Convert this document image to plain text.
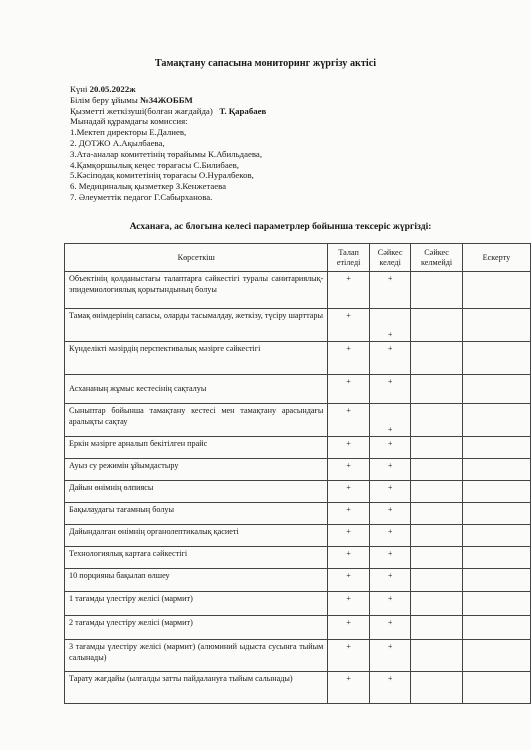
Тамақтану сапасына мониторинг жүргізу актісі
Күні 20.05.2022ж
Білім беру ұйымы №34ЖОББМ
Қызметті жеткізуші(болған жағдайда) Т. Қарабаев
Мынадай құрамдағы комиссия:
1.Мектеп директоры Е.Далиев,
2. ДОТЖО А.Ақылбаева,
3.Ата-аналар комитетінің төрайымы К.Абильдаева,
4.Қамқоршылық кеңес төрағасы С.Билибаев,
5.Кәсіподақ комитетінің төрағасы О.Нуралбеков,
6. Медициналық қызметкер З.Кенжетаева
7. Әлеуметтік педагог Г.Сабырханова.
Асханаға, ас блогына келесі параметрлер бойынша тексеріс жүргізді:
Көрсеткіш	Талап етіледі	Сәйкес келеді	Сәйкес келмейді	Ескерту
Объектінің қолданыстағы талаптарға сәйкестігі туралы санитариялық-эпидемиологиялық қорытындының болуы	+	+		
Тамақ өнімдерінің сапасы, оларды тасымалдау, жеткізу, түсіру шарттары	+	+		
Күнделікті мәзірдің перспективалық мәзірге сәйкестігі	+	+		
Асхананың жұмыс кестесінің сақталуы	+	+		
Сыныптар бойынша тамақтану кестесі мен тамақтану арасындағы аралықты сақтау	+	+		
Еркін мәзірге арналып бекітілген прайс	+	+		
Ауыз су режимін ұйымдастыру	+	+		
Дайын өнімнің өлпиясы	+	+		
Бақылаудағы тағамның болуы	+	+		
Дайындалған өнімнің органолептикалық қасиеті	+	+		
Технологиялық картаға сәйкестігі	+	+		
10 порцияны бақылап өлшеу	+	+		
1 тағамды үлестіру желісі (мармит)	+	+		
2 тағамды үлестіру желісі (мармит)	+	+		
3 тағамды үлестіру желісі (мармит) (алюминий ыдыста сусынға тыйым салынады)	+	+		
Тарату жағдайы (ылғалды затты пайдалануға тыйым салынады)	+	+		
